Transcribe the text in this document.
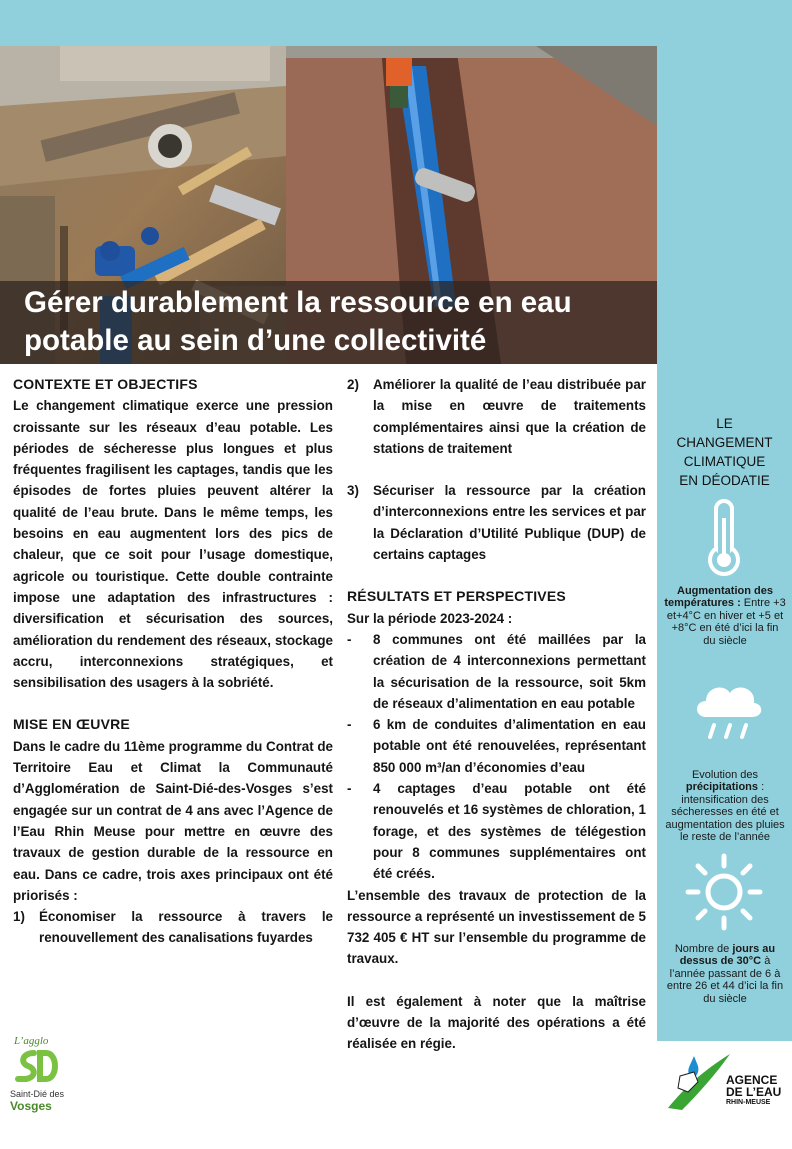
Gérer durablement la ressource en eau
potable au sein d’une collectivité
CONTEXTE ET OBJECTIFS

Le changement climatique exerce une pression croissante sur les réseaux d’eau potable. Les périodes de sécheresse plus longues et plus fréquentes fragilisent les captages, tandis que les épisodes de fortes pluies peuvent altérer la qualité de l’eau brute. Dans le même temps, les besoins en eau augmentent lors des pics de chaleur, que ce soit pour l’usage domestique, agricole ou touristique. Cette double contrainte impose une adaptation des infrastructures : diversification et sécurisation des sources, amélioration du rendement des réseaux, stockage accru, interconnexions stratégiques, et sensibilisation des usagers à la sobriété.

MISE EN ŒUVRE

Dans le cadre du 11ème programme du Contrat de Territoire Eau et Climat la Communauté d’Agglomération de Saint-Dié-des-Vosges s’est engagée sur un contrat de 4 ans avec l’Agence de l’Eau Rhin Meuse pour mettre en œuvre des travaux de gestion durable de la ressource en eau. Dans ce cadre, trois axes principaux ont été priorisés :

1) Économiser la ressource à travers le renouvellement des canalisations fuyardes

2) Améliorer la qualité de l’eau distribuée par la mise en œuvre de traitements complémentaires ainsi que la création de stations de traitement

3) Sécuriser la ressource par la création d’interconnexions entre les services et par la Déclaration d’Utilité Publique (DUP) de certains captages

RÉSULTATS ET PERSPECTIVES

Sur la période 2023-2024 :

- 8 communes ont été maillées par la création de 4 interconnexions permettant la sécurisation de la ressource, soit 5km de réseaux d’alimentation en eau potable

- 6 km de conduites d’alimentation en eau potable ont été renouvelées, représentant 850 000 m³/an d’économies d’eau

- 4 captages d’eau potable ont été renouvelés et 16 systèmes de chloration, 1 forage, et des systèmes de télégestion pour 8 communes supplémentaires ont été créés.

L’ensemble des travaux de protection de la ressource a représenté un investissement de 5 732 405 € HT sur l’ensemble du programme de travaux.

Il est également à noter que la maîtrise d’œuvre de la majorité des opérations a été réalisée en régie.

LE
CHANGEMENT
CLIMATIQUE
EN DÉODATIE
Augmentation des températures : Entre +3 et+4°C en hiver et +5 et +8°C en été d’ici la fin du siècle
Evolution des précipitations : intensification des sécheresses en été et augmentation des pluies le reste de l’année
Nombre de jours au dessus de 30°C à l’année passant de 6 à entre 26 et 44 d’ici la fin du siècle
L’agglo
Saint-Dié des
Vosges
AGENCE
DE L’EAU
RHIN-MEUSE
